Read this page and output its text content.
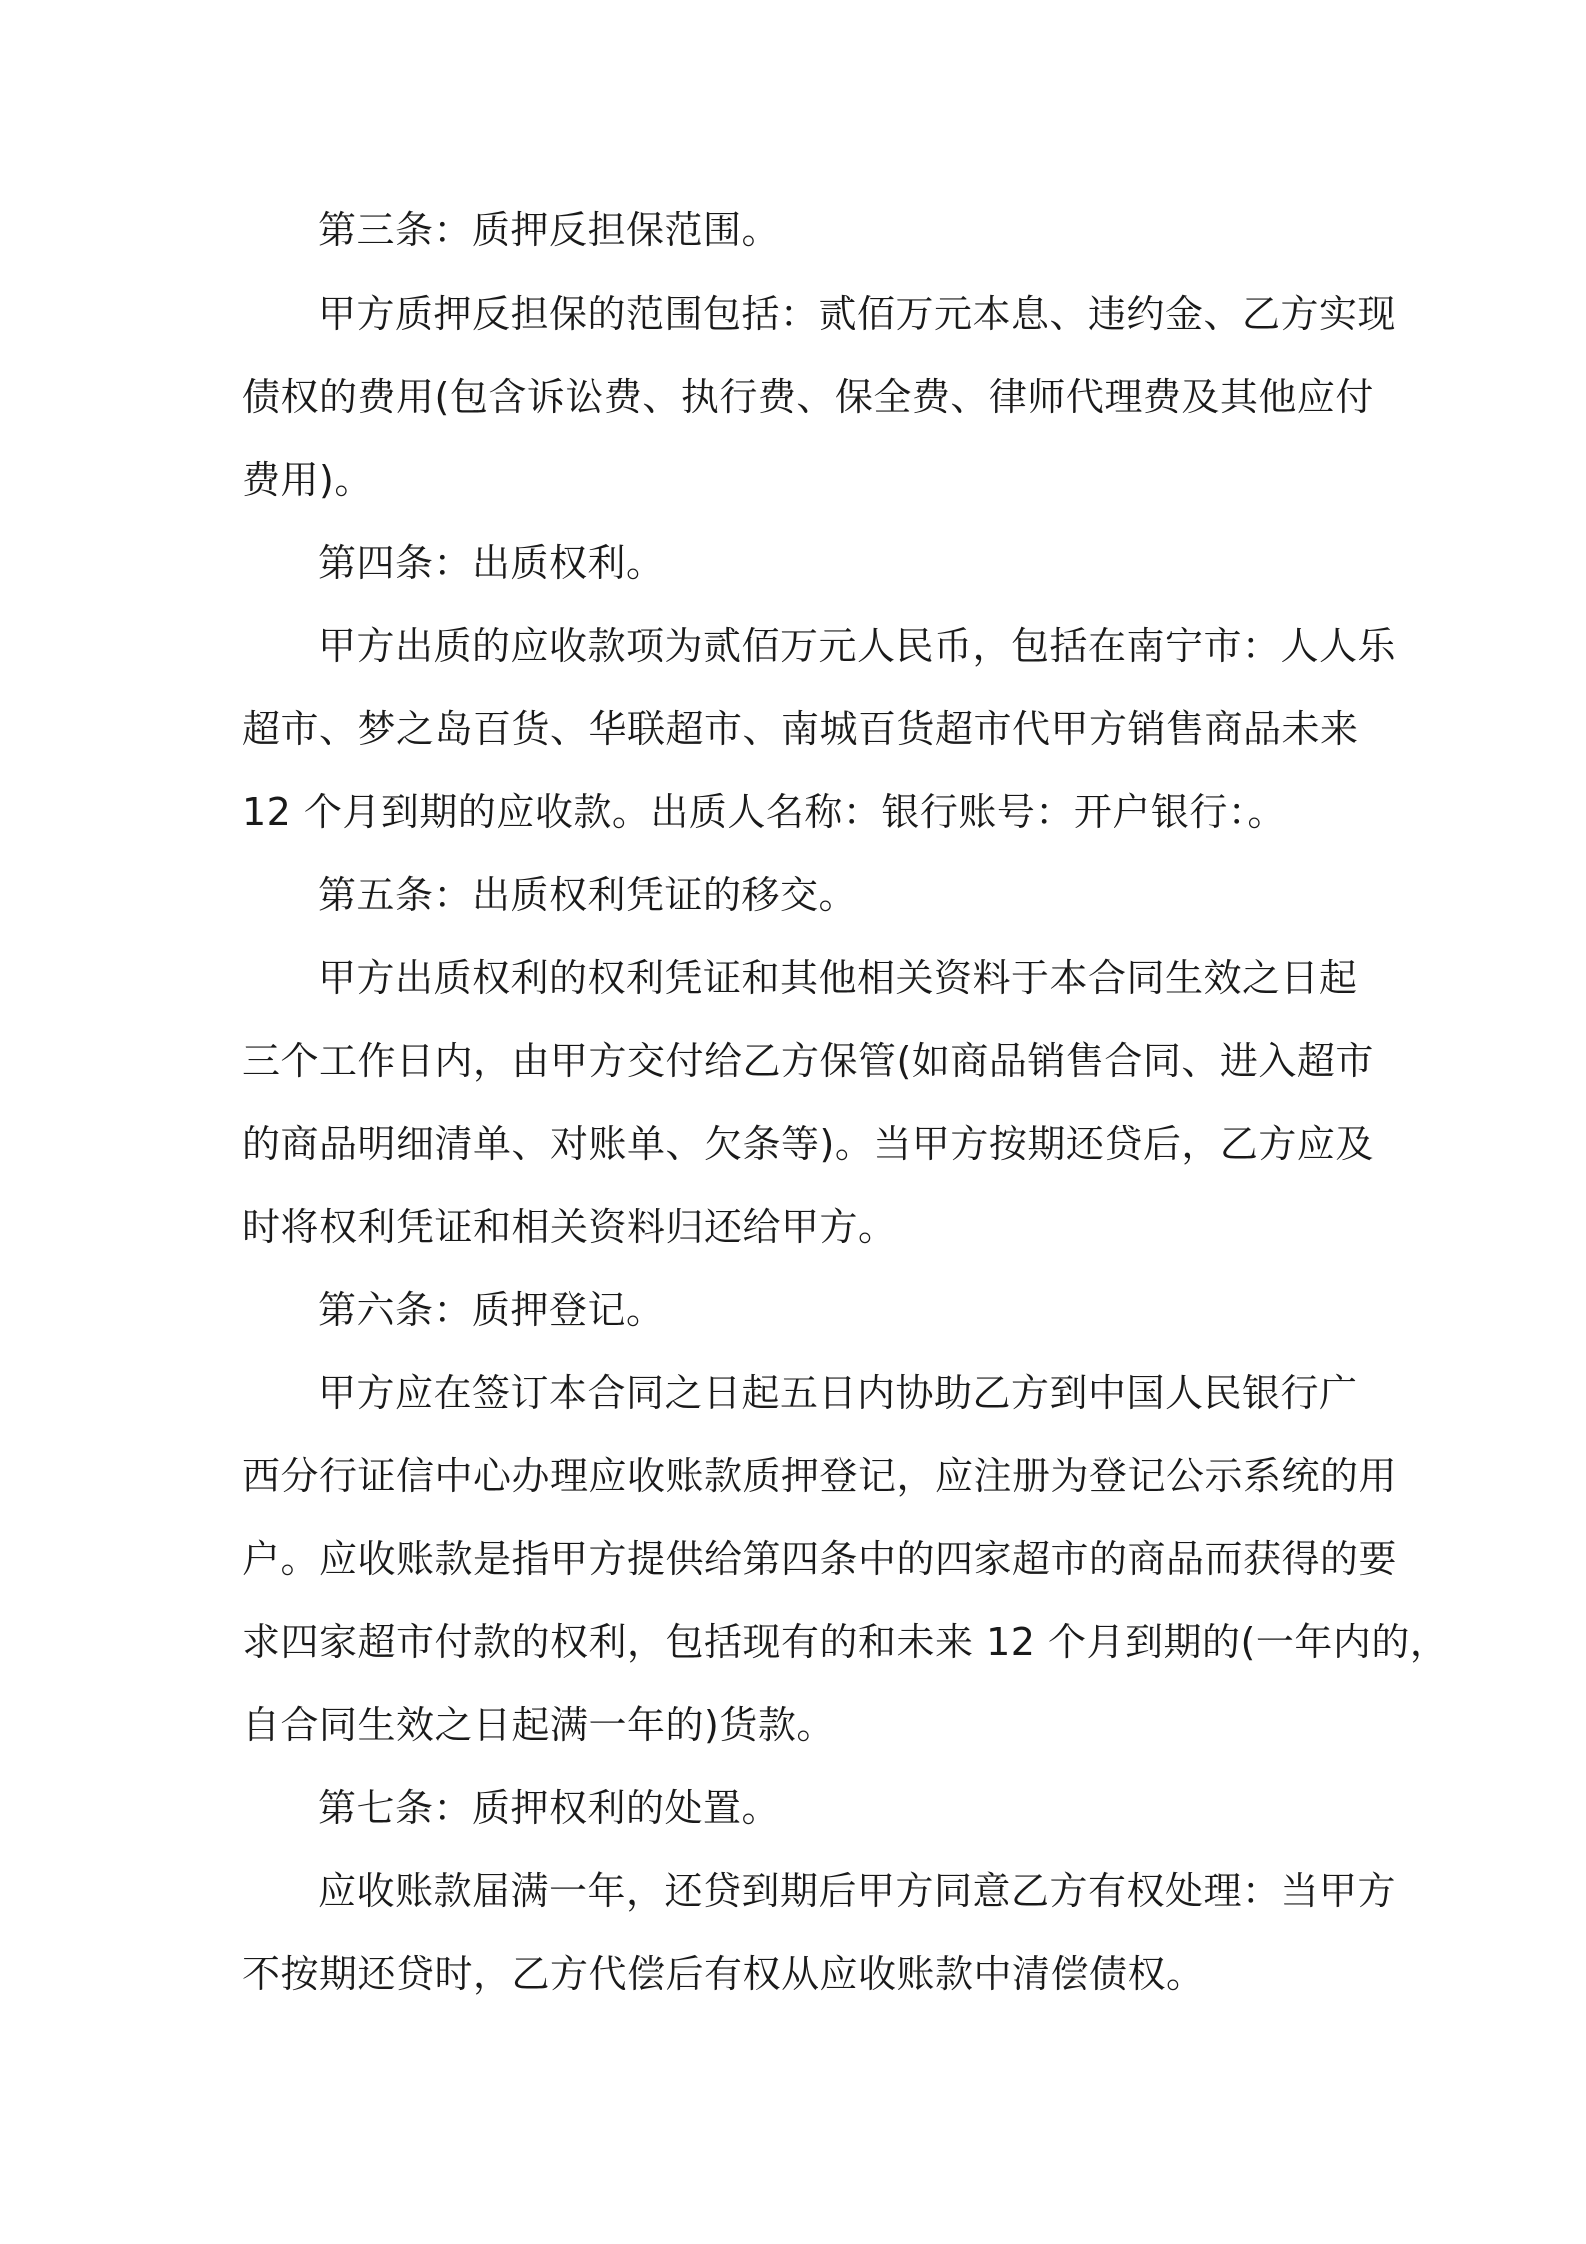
第三条：质押反担保范围。
甲方质押反担保的范围包括：贰佰万元本息、违约金、乙方实现
债权的费用(包含诉讼费、执行费、保全费、律师代理费及其他应付
费用)。
第四条：出质权利。
甲方出质的应收款项为贰佰万元人民币，包括在南宁市：人人乐
超市、梦之岛百货、华联超市、南城百货超市代甲方销售商品未来
12 个月到期的应收款。出质人名称：银行账号：开户银行：。
第五条：出质权利凭证的移交。
甲方出质权利的权利凭证和其他相关资料于本合同生效之日起
三个工作日内，由甲方交付给乙方保管(如商品销售合同、进入超市
的商品明细清单、对账单、欠条等)。当甲方按期还贷后，乙方应及
时将权利凭证和相关资料归还给甲方。
第六条：质押登记。
甲方应在签订本合同之日起五日内协助乙方到中国人民银行广
西分行证信中心办理应收账款质押登记，应注册为登记公示系统的用
户。应收账款是指甲方提供给第四条中的四家超市的商品而获得的要
求四家超市付款的权利，包括现有的和未来 12 个月到期的(一年内的，
自合同生效之日起满一年的)货款。
第七条：质押权利的处置。
应收账款届满一年，还贷到期后甲方同意乙方有权处理：当甲方
不按期还贷时，乙方代偿后有权从应收账款中清偿债权。
